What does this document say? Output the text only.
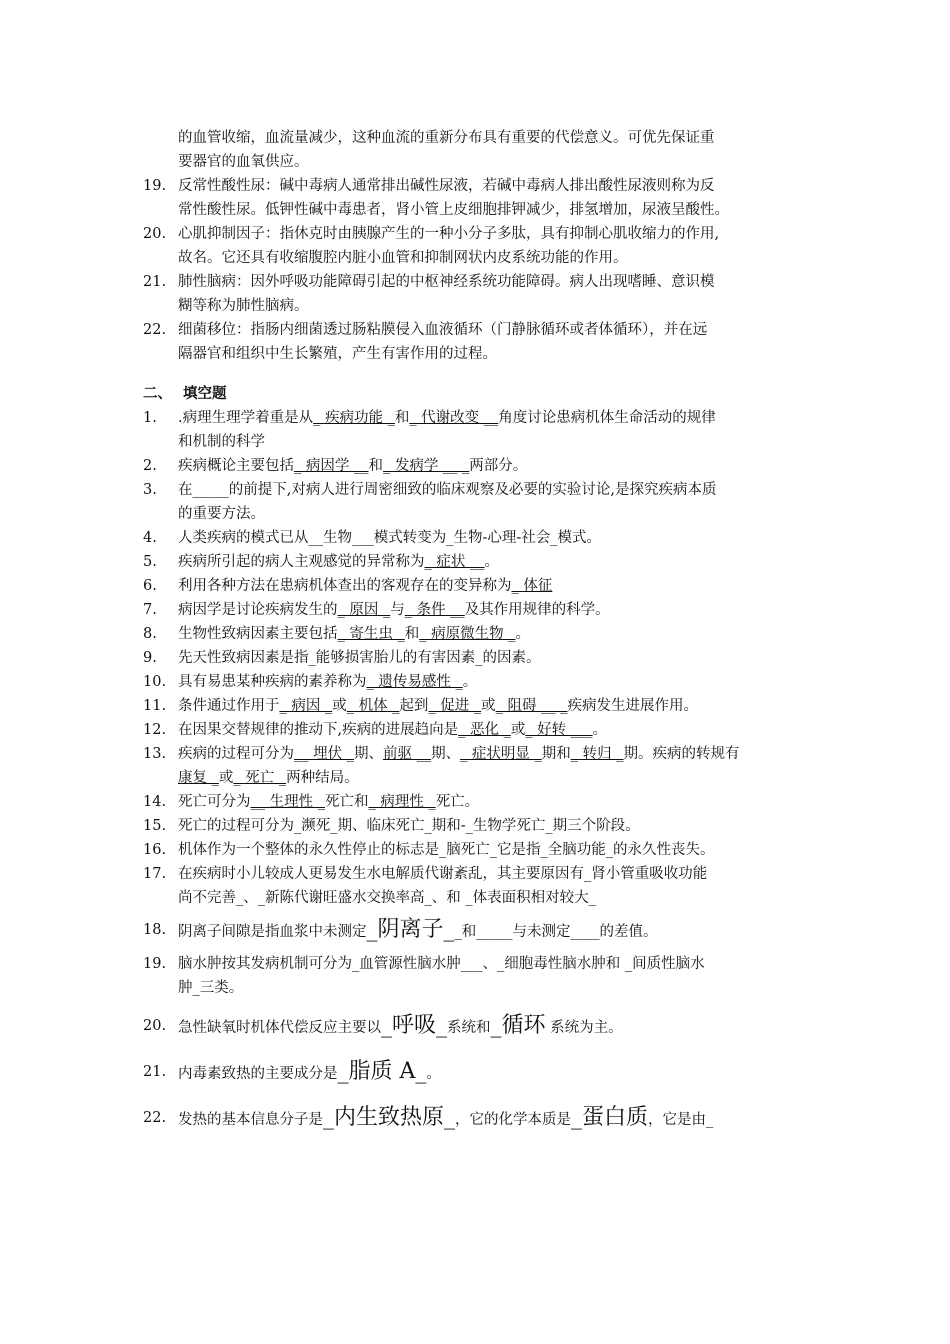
的血管收缩，血流量减少，这种血流的重新分布具有重要的代偿意义。可优先保证重
要器官的血氧供应。
19. 反常性酸性尿：碱中毒病人通常排出碱性尿液，若碱中毒病人排出酸性尿液则称为反
常性酸性尿。低钾性碱中毒患者，肾小管上皮细胞排钾减少，排氢增加，尿液呈酸性。
20. 心肌抑制因子：指休克时由胰腺产生的一种小分子多肽，具有抑制心肌收缩力的作用,
故名。它还具有收缩腹腔内脏小血管和抑制网状内皮系统功能的作用。
21. 肺性脑病：因外呼吸功能障碍引起的中枢神经系统功能障碍。病人出现嗜睡、意识模
糊等称为肺性脑病。
22. 细菌移位：指肠内细菌透过肠粘膜侵入血液循环（门静脉循环或者体循环），并在远
隔器官和组织中生长繁殖，产生有害作用的过程。
二、 填空题
1.	.病理生理学着重是从_ 疾病功能 _和_ 代谢改变 __角度讨论患病机体生命活动的规律
和机制的科学
2.	疾病概论主要包括_ 病因学 __和_ 发病学 __ _两部分。
3.	在_____的前提下,对病人进行周密细致的临床观察及必要的实验讨论,是探究疾病本质
的重要方法。
4.	人类疾病的模式已从__生物___模式转变为_生物-心理-社会_模式。
5.	疾病所引起的病人主观感觉的异常称为_ 症状 __。
6.	利用各种方法在患病机体查出的客观存在的变异称为_ 体征
7.	病因学是讨论疾病发生的_ 原因 _与_ 条件 __及其作用规律的科学。
8.	生物性致病因素主要包括_ 寄生虫 _和_ 病原微生物 _。
9.	先天性致病因素是指_能够损害胎儿的有害因素_的因素。
10. 具有易患某种疾病的素养称为_ 遗传易感性 _。
11. 条件通过作用于_ 病因 _或_ 机体 _起到_ 促进 _或_ 阻碍 __ _疾病发生进展作用。
12. 在因果交替规律的推动下,疾病的进展趋向是_ 恶化 _或_ 好转 ___。
13. 疾病的过程可分为__ 埋伏 _期、前驱 __期、_ 症状明显 _期和_ 转归 _期。疾病的转规有
康复 _或_ 死亡 _两种结局。
14. 死亡可分为__ 生理性 _死亡和_ 病理性 _死亡。
15. 死亡的过程可分为_濒死_期、临床死亡_期和-_生物学死亡_期三个阶段。
16. 机体作为一个整体的永久性停止的标志是_脑死亡_它是指_全脑功能_的永久性丧失。
17. 在疾病时小儿较成人更易发生水电解质代谢紊乱，其主要原因有_肾小管重吸收功能
尚不完善_、_新陈代谢旺盛水交换率高_、和 _体表面积相对较大_
18. 阴离子间隙是指血浆中未测定_阴离子__和_____与未测定____的差值。
19. 脑水肿按其发病机制可分为_血管源性脑水肿___、_细胞毒性脑水肿和 _间质性脑水
肿_三类。
20. 急性缺氧时机体代偿反应主要以_呼吸_系统和_循环 系统为主。
21. 内毒素致热的主要成分是_脂质 A_。
22. 发热的基本信息分子是_内生致热原_，它的化学本质是_蛋白质，它是由_
